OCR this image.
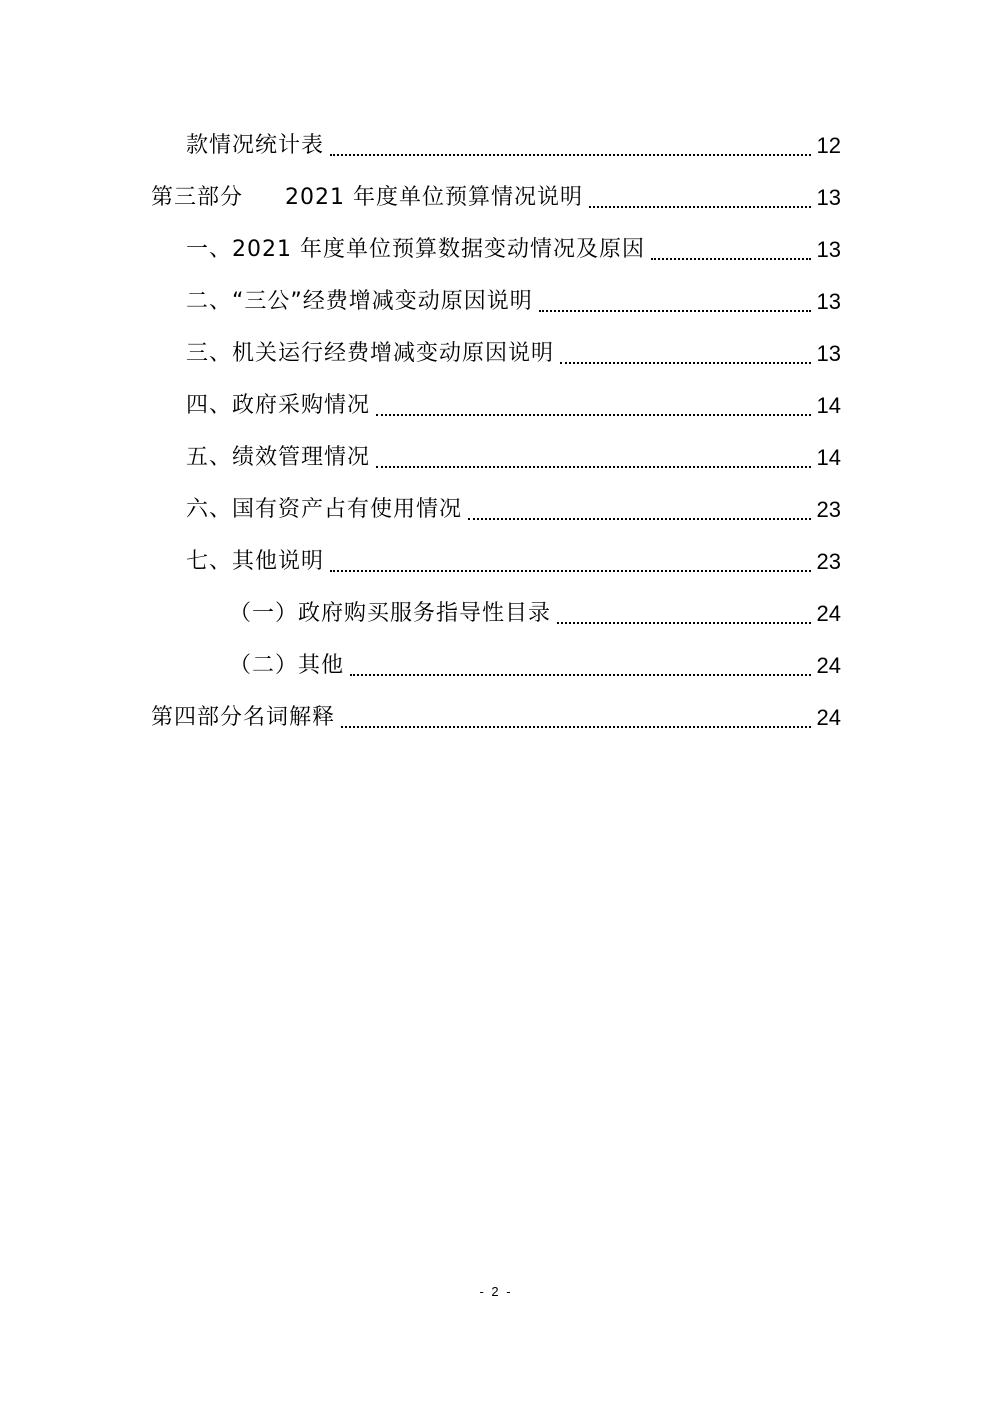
款情况统计表	12
第三部分 2021 年度单位预算情况说明	13
一、2021 年度单位预算数据变动情况及原因	13
二、“三公”经费增减变动原因说明	13
三、机关运行经费增减变动原因说明	13
四、政府采购情况	14
五、绩效管理情况	14
六、国有资产占有使用情况	23
七、其他说明	23
（一）政府购买服务指导性目录	24
（二）其他	24
第四部分名词解释	24
- 2 -
